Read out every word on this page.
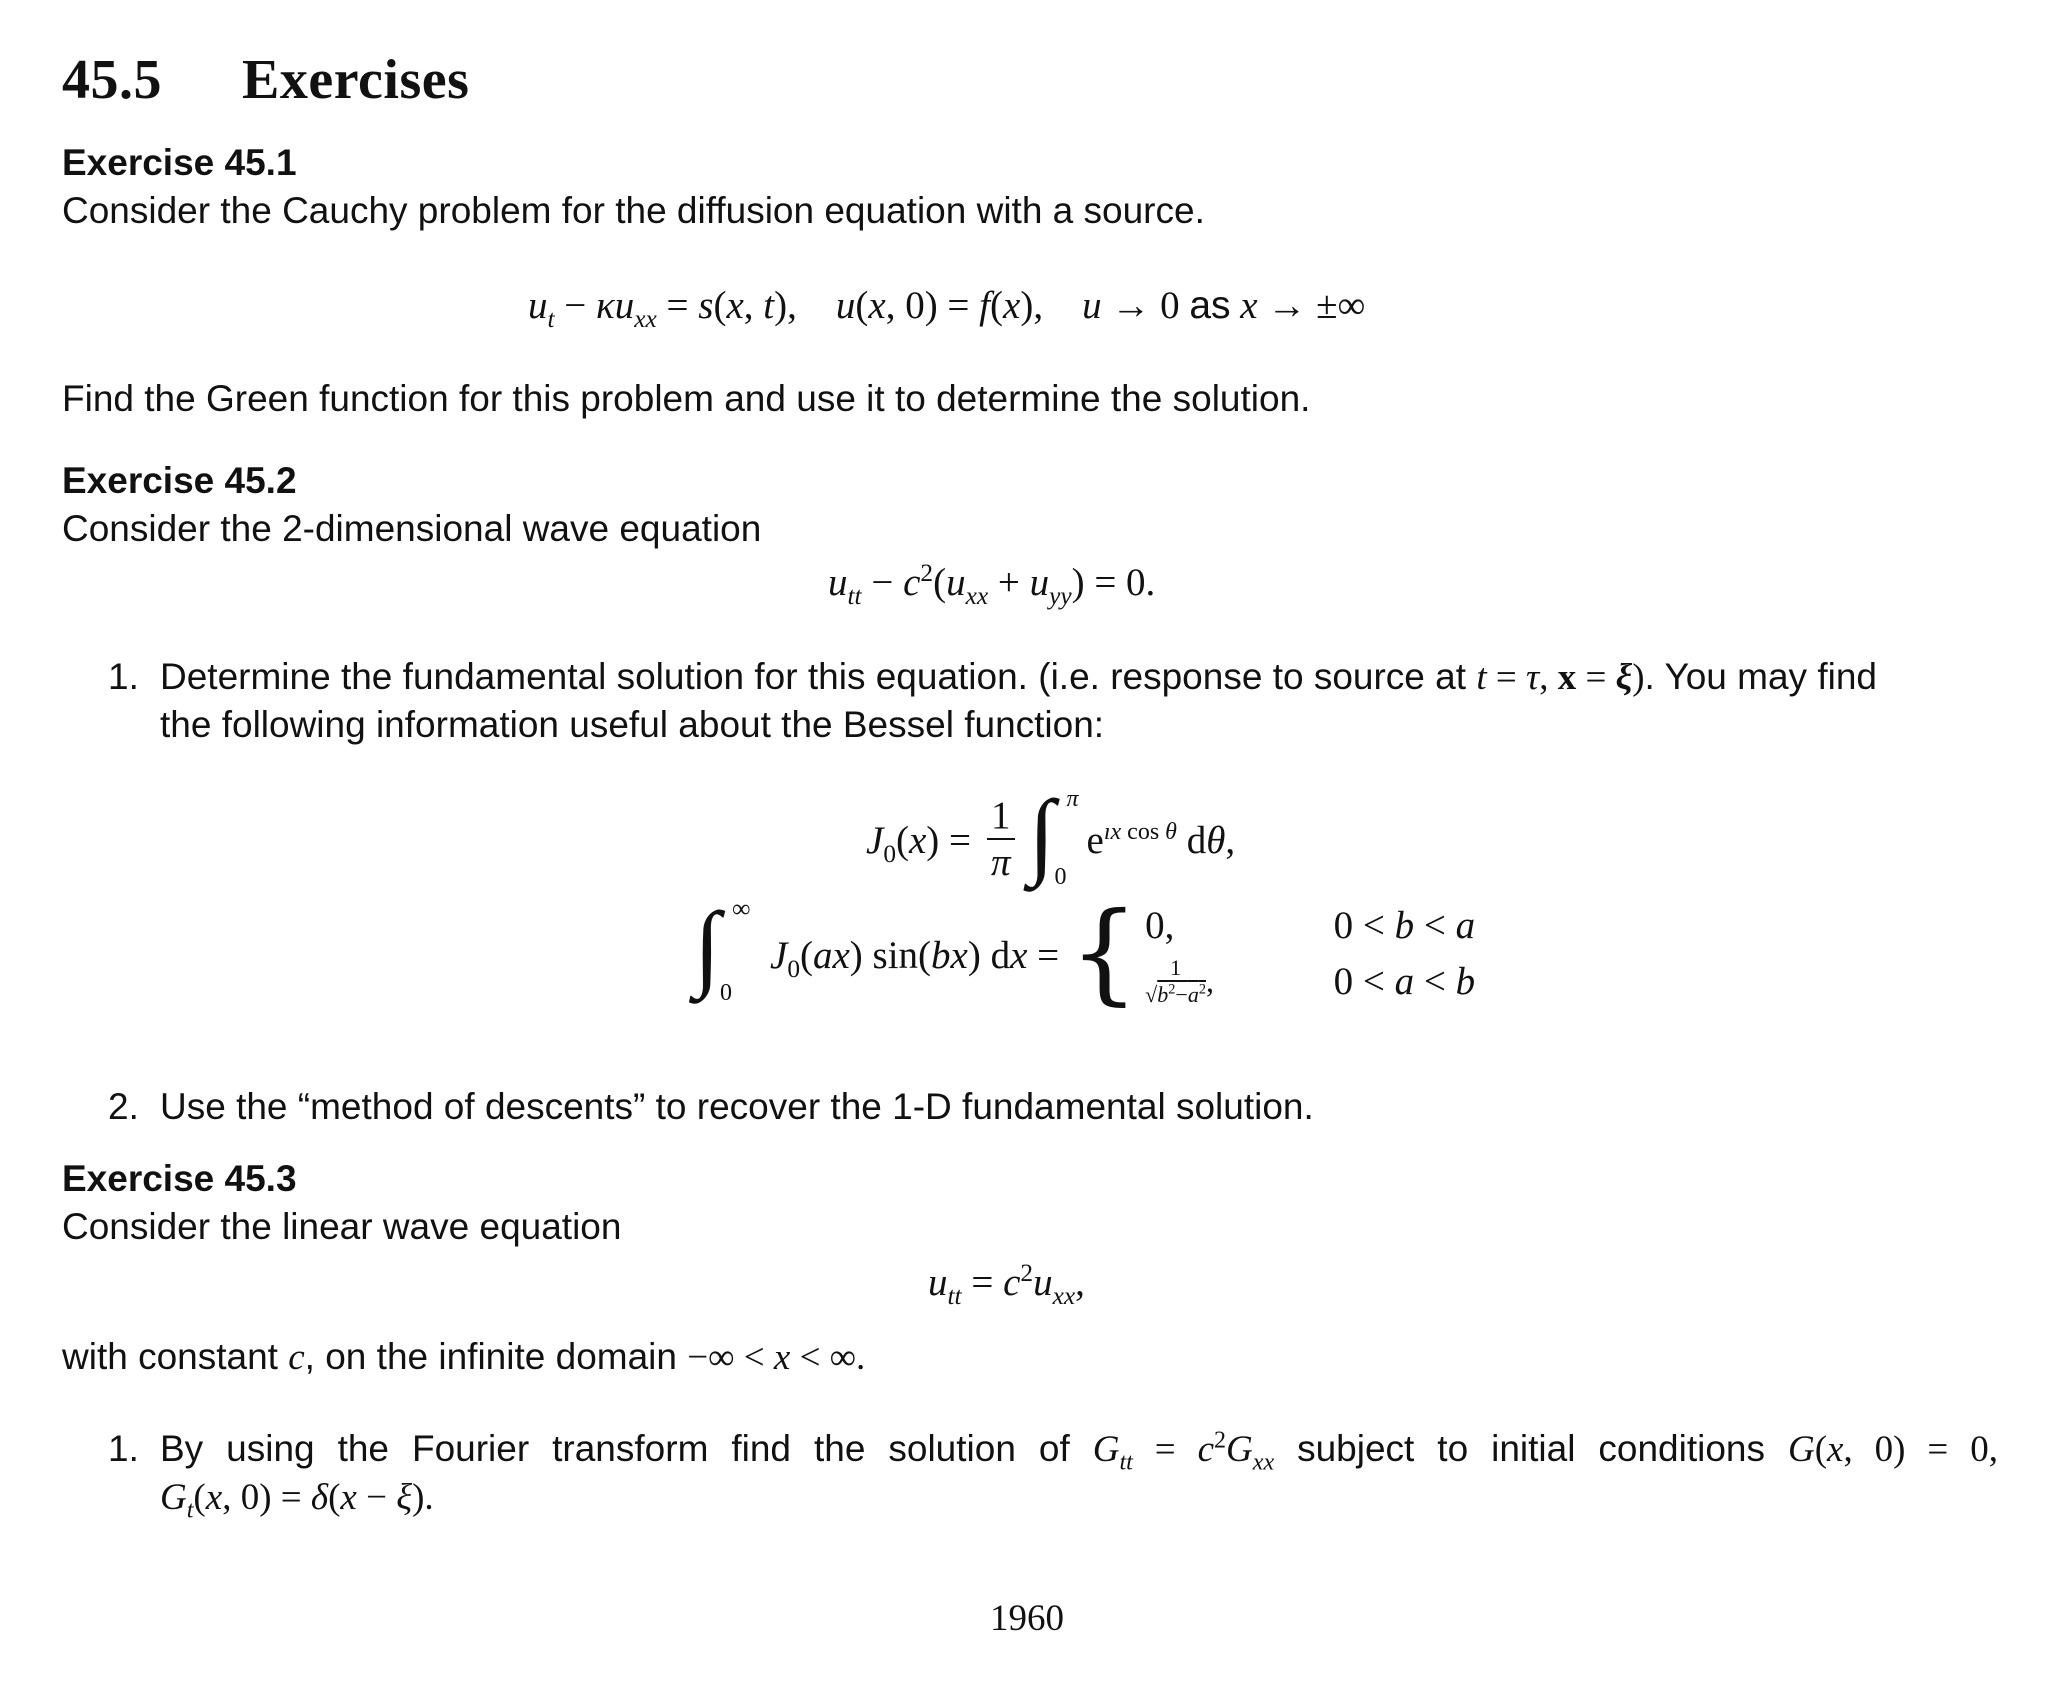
45.5 Exercises
Exercise 45.1
Consider the Cauchy problem for the diffusion equation with a source.
$u_t - \kappa u_{xx} = s(x$, t),    u(x, 0) = f(x),    u → 0 as x → ±∞
Find the Green function for this problem and use it to determine the solution.
Exercise 45.2
Consider the 2-dimensional wave equation
$u_{tt} - c^2(u_{xx} + u_{yy}) = 0$.
1. Determine the fundamental solution for this equation. (i.e. response to source at t = τ, x = ξ). You may find
the following information useful about the Bessel function:
$J_0(x) = \frac{1}{\pi}$ ∫ π
0
$e^{ıx cos \theta}$ dθ,
∫ ∞
0
$J_0(ax)$ sin(bx) dx = { 0,	0 < b < a
$\frac{1}{√b^2-a^2}$ ,	0 < a < b
2. Use the “method of descents” to recover the 1-D fundamental solution.
Exercise 45.3
Consider the linear wave equation
$u_{tt} = c^2u_{xx}$,
with constant c, on the infinite domain −∞ < x < ∞.
1. By using the Fourier transform find the solution of $G_{tt} = c^2G_{xx}$ subject to initial conditions G(x, 0) = 0,
$G_t(x$, 0) = δ(x − ξ).
1960
